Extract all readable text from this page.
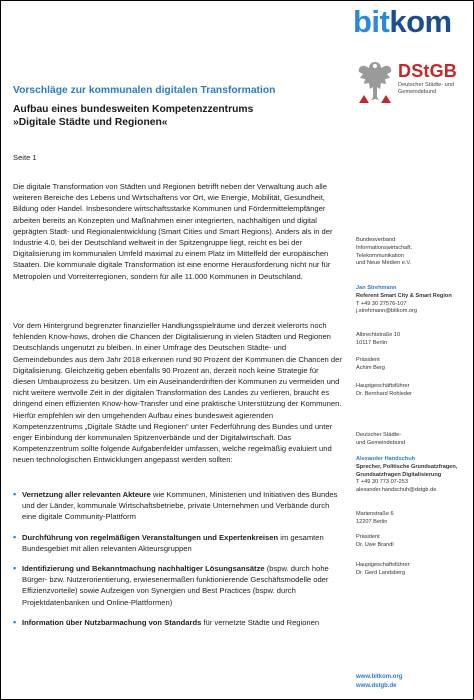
bitkom
DStGB
Deutscher Städte- und Gemeindebund
Vorschläge zur kommunalen digitalen Transformation
Aufbau eines bundesweiten Kompetenzzentrums
»Digitale Städte und Regionen«
Seite 1
Die digitale Transformation von Städten und Regionen betrifft neben der Verwaltung auch alle weiteren Bereiche des Lebens und Wirtschaftens vor Ort, wie Energie, Mobilität, Gesundheit, Bildung oder Handel. Insbesondere wirtschaftsstarke Kommunen und Fördermittelempfänger arbeiten bereits an Konzepten und Maßnahmen einer integrierten, nachhaltigen und digital geprägten Stadt- und Regionalentwicklung (Smart Cities und Smart Regions). Anders als in der Industrie 4.0, bei der Deutschland weltweit in der Spitzengruppe liegt, reicht es bei der Digitalisierung im kommunalen Umfeld maximal zu einem Platz im Mittelfeld der europäischen Staaten. Die kommunale digitale Transformation ist eine enorme Herausforderung nicht nur für Metropolen und Vorreiterregionen, sondern für alle 11.000 Kommunen in Deutschland.
Vor dem Hintergrund begrenzter finanzieller Handlungsspielräume und derzeit vielerorts noch fehlenden Know-hows, drohen die Chancen der Digitalisierung in vielen Städten und Regionen Deutschlands ungenutzt zu bleiben. In einer Umfrage des Deutschen Städte- und Gemeindebundes aus dem Jahr 2018 erkennen rund 90 Prozent der Kommunen die Chancen der Digitalisierung. Gleichzeitig geben ebenfalls 90 Prozent an, derzeit noch keine Strategie für diesen Umbauprozess zu besitzen. Um ein Auseinanderdriften der Kommunen zu vermeiden und nicht weitere wertvolle Zeit in der digitalen Transformation des Landes zu verlieren, braucht es dringend einen effizienten Know-how-Transfer und eine praktische Unterstützung der Kommunen. Hierfür empfehlen wir den umgehenden Aufbau eines bundesweit agierenden Kompetenzzentrums „Digitale Städte und Regionen“ unter Federführung des Bundes und unter enger Einbindung der kommunalen Spitzenverbände und der Digitalwirtschaft. Das Kompetenzzentrum sollte folgende Aufgabenfelder umfassen, welche regelmäßig evaluiert und neuen technologischen Entwicklungen angepasst werden sollten:
• Vernetzung aller relevanten Akteure wie Kommunen, Ministerien und Initiativen des Bundes und der Länder, kommunale Wirtschaftsbetriebe, private Unternehmen und Verbände durch eine digitale Community-Plattform
• Durchführung von regelmäßigen Veranstaltungen und Expertenkreisen im gesamten Bundesgebiet mit allen relevanten Akteursgruppen
• Identifizierung und Bekanntmachung nachhaltiger Lösungsansätze (bspw. durch hohe Bürger- bzw. Nutzerorientierung, erwiesenermaßen funktionierende Geschäftsmodelle oder Effizienzvorteile) sowie Aufzeigen von Synergien und Best Practices (bspw. durch Projektdatenbanken und Online-Plattformen)
• Information über Nutzbarmachung von Standards für vernetzte Städte und Regionen
Bundesverband
Informationswirtschaft,
Telekommunikation
und Neue Medien e.V.
Jan Strehmann
Referent Smart City & Smart Region
T +49 30 27576-107
j.strehmann@bitkom.org
Albrechtstraße 10
10117 Berlin
Präsident
Achim Berg
Hauptgeschäftsführer
Dr. Bernhard Rohleder
Deutscher Städte-
und Gemeindebund
Alexander Handschuh
Sprecher, Politische Grundsatzfragen,
Grundsatzfragen Digitalisierung
T +49 30 773 07-253
alexander.handschuh@dstgb.de
Marienstraße 6
12207 Berlin
Präsident
Dr. Uwe Brandl
Hauptgeschäftsführer
Dr. Gerd Landsberg
www.bitkom.org
www.dstgb.de
